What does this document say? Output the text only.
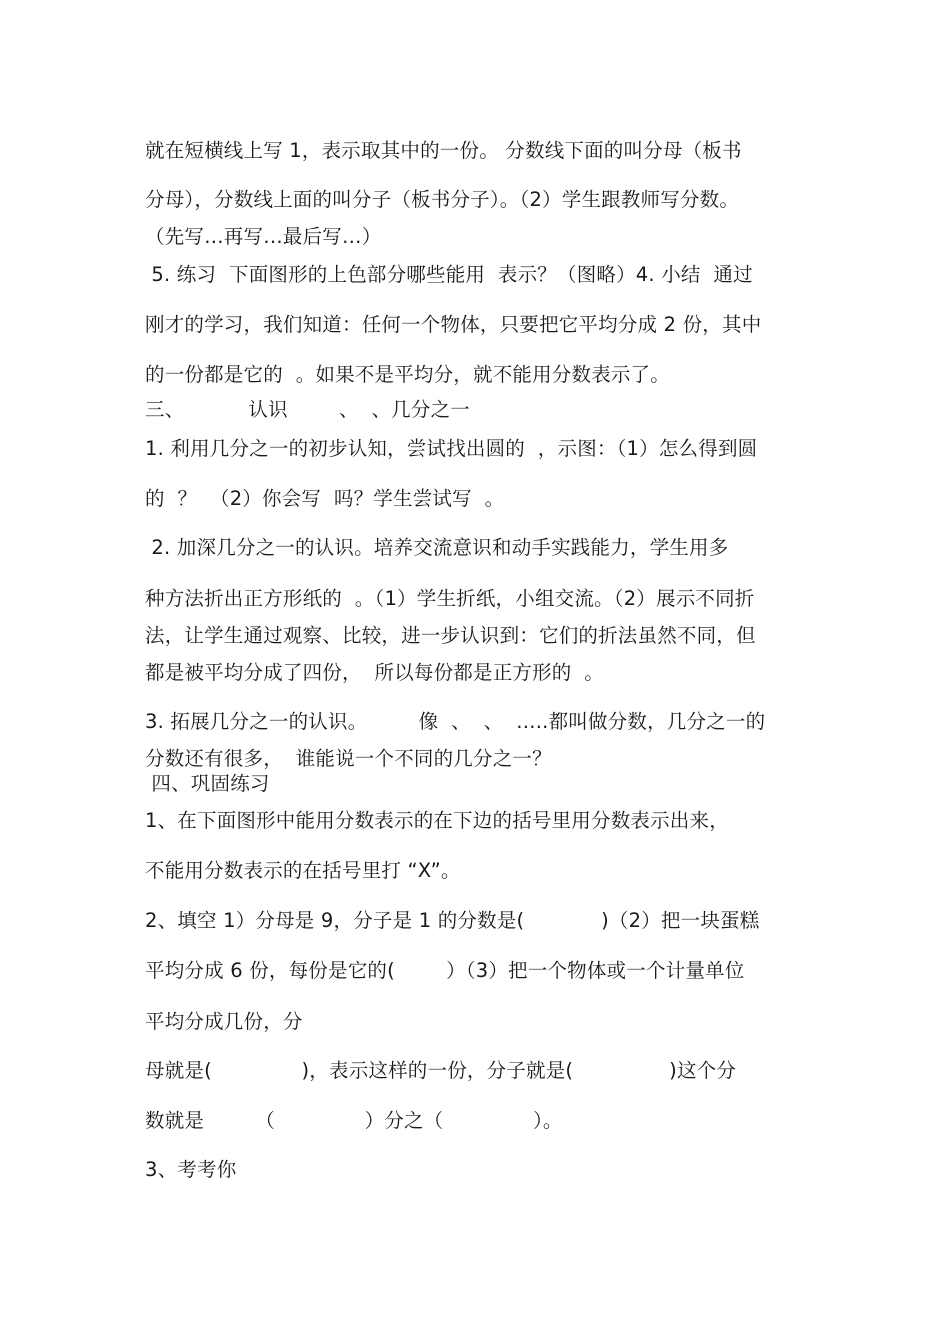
就在短横线上写 1，表示取其中的一份。 分数线下面的叫分母（板书
分母），分数线上面的叫分子（板书分子）。（2）学生跟教师写分数。
（先写…再写…最后写…）
5. 练习  下面图形的上色部分哪些能用  表示？（图略）4. 小结  通过
刚才的学习，我们知道：任何一个物体，只要把它平均分成 2 份，其中
的一份都是它的  。如果不是平均分，就不能用分数表示了。
三、          认识        、  、几分之一
1. 利用几分之一的初步认知，尝试找出圆的  ，示图：（1）怎么得到圆
的  ？  （2）你会写  吗？学生尝试写  。
2. 加深几分之一的认识。培养交流意识和动手实践能力，学生用多
种方法折出正方形纸的  。（1）学生折纸，小组交流。（2）展示不同折
法，让学生通过观察、比较，进一步认识到：它们的折法虽然不同，但
都是被平均分成了四份，  所以每份都是正方形的  。
3. 拓展几分之一的认识。        像  、  、  …..都叫做分数，几分之一的
分数还有很多，  谁能说一个不同的几分之一？
四、巩固练习
1、在下面图形中能用分数表示的在下边的括号里用分数表示出来，
不能用分数表示的在括号里打 “X”。
2、填空 1）分母是 9，分子是 1 的分数是(            )（2）把一块蛋糕
平均分成 6 份，每份是它的(        ）（3）把一个物体或一个计量单位
平均分成几份，分
母就是(              )，表示这样的一份，分子就是(               )这个分
数就是        （              ）分之（              ）。
3、考考你
